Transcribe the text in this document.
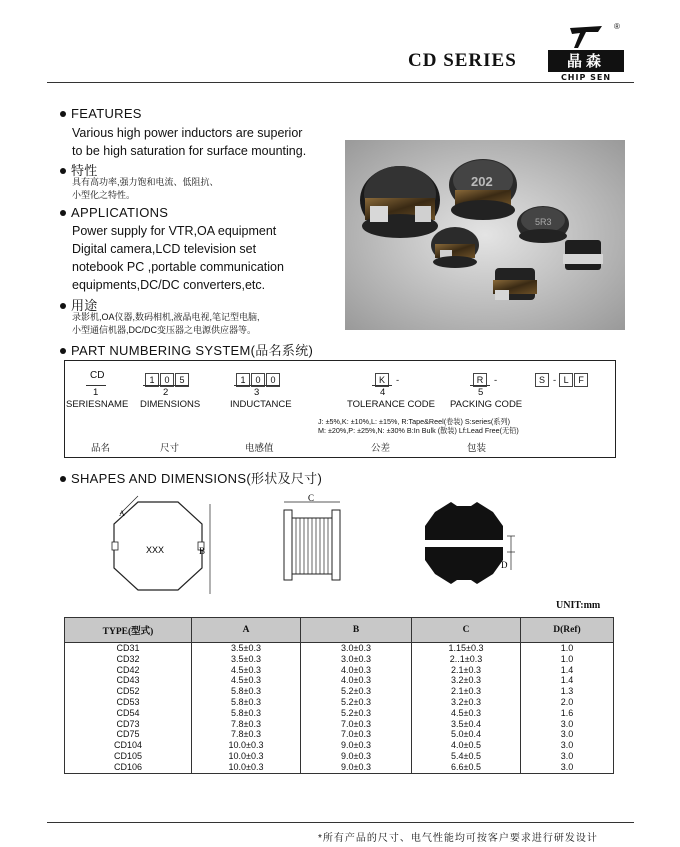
CD SERIES
®
晶森
CHIP SEN
FEATURES
Various high power inductors are superior
to be high saturation for surface mounting.
特性
具有高功率,强力饱和电流、低阻抗、
小型化之特性。
APPLICATIONS
Power supply for VTR,OA equipment
Digital camera,LCD television set
notebook PC ,portable communication
equipments,DC/DC converters,etc.
用途
录影机,OA仪器,数码相机,液晶电视,笔记型电脑,
小型通信机器,DC/DC变压器之电源供应器等。
202
5R3
PART NUMBERING SYSTEM(品名系统)
CD	1 0 5	1 0 0	K -	R -	S - L F
1	2	3	4	5
SERIESNAME DIMENSIONS	INDUCTANCE	TOLERANCE CODE PACKING CODE
J: ±5%,K: ±10%,L: ±15%, R:Tape&Reel(卷装) S:series(系列)
M: ±20%,P: ±25%,N: ±30% B:In Bulk (散装) Lf:Lead Free(无铅)
品名	尺寸	电感值	公差	包装
SHAPES AND DIMENSIONS(形状及尺寸)
XXX
A
B
C
D
UNIT:mm
TYPE(型式)	A	B	C	D(Ref)
CD31	3.5±0.3	3.0±0.3	1.15±0.3	1.0
CD32	3.5±0.3	3.0±0.3	2..1±0.3	1.0
CD42	4.5±0.3	4.0±0.3	2.1±0.3	1.4
CD43	4.5±0.3	4.0±0.3	3.2±0.3	1.4
CD52	5.8±0.3	5.2±0.3	2.1±0.3	1.3
CD53	5.8±0.3	5.2±0.3	3.2±0.3	2.0
CD54	5.8±0.3	5.2±0.3	4.5±0.3	1.6
CD73	7.8±0.3	7.0±0.3	3.5±0.4	3.0
CD75	7.8±0.3	7.0±0.3	5.0±0.4	3.0
CD104	10.0±0.3	9.0±0.3	4.0±0.5	3.0
CD105	10.0±0.3	9.0±0.3	5.4±0.5	3.0
CD106	10.0±0.3	9.0±0.3	6.6±0.5	3.0
*所有产品的尺寸、电气性能均可按客户要求进行研发设计
